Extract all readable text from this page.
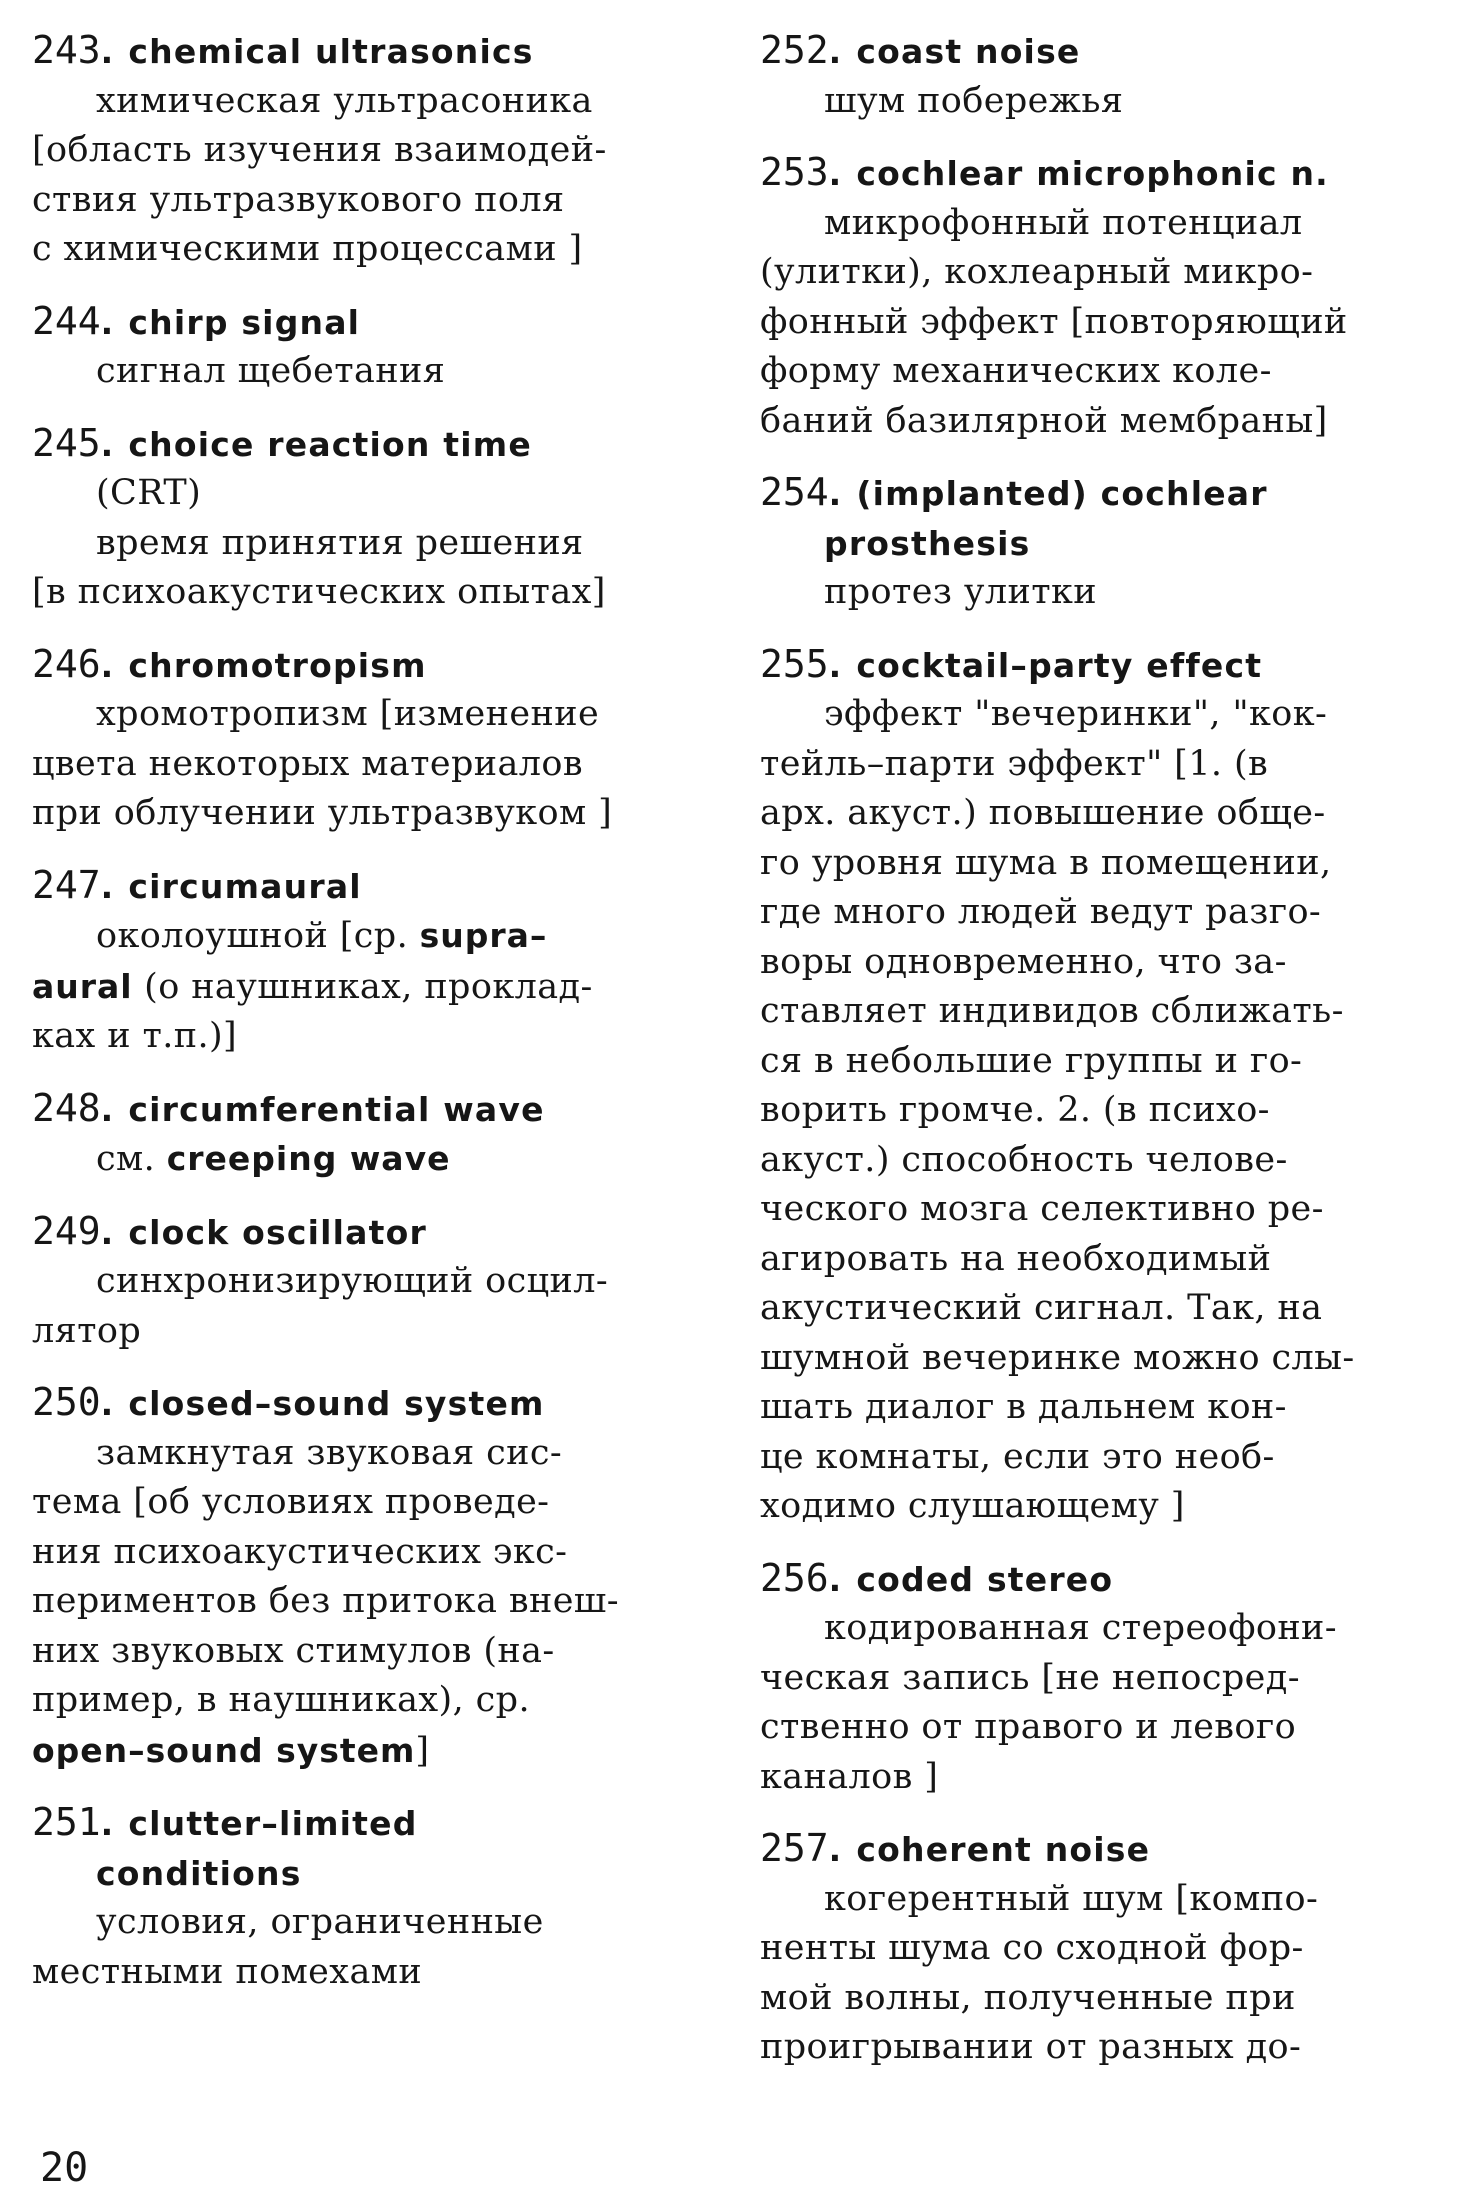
243. chemical ultrasonics
химическая ультрасоника
[область изучения взаимодей-
ствия ультразвукового поля
с химическими процессами ]
244. chirp signal
сигнал щебетания
245. choice reaction time
(CRT)
время принятия решения
[в психоакустических опытах]
246. chromotropism
хромотропизм [изменение
цвета некоторых материалов
при облучении ультразвуком ]
247. circumaural
околоушной [ср. supra–
aural (о наушниках, проклад-
ках и т.п.)]
248. circumferential wave
см. creeping wave
249. clock oscillator
синхронизирующий осцил-
лятор
250. closed–sound system
замкнутая звуковая сис-
тема [об условиях проведе-
ния психоакустических экс-
периментов без притока внеш-
них звуковых стимулов (на-
пример, в наушниках), ср.
open–sound system]
251. clutter–limited
conditions
условия, ограниченные
местными помехами
252. coast noise
шум побережья
253. cochlear microphonic n.
микрофонный потенциал
(улитки), кохлеарный микро-
фонный эффект [повторяющий
форму механических коле-
баний базилярной мембраны]
254. (implanted) cochlear
prosthesis
протез улитки
255. cocktail–party effect
эффект "вечеринки", "кок-
тейль–парти эффект" [1. (в
арх. акуст.) повышение обще-
го уровня шума в помещении,
где много людей ведут разго-
воры одновременно, что за-
ставляет индивидов сближать-
ся в небольшие группы и го-
ворить громче. 2. (в психо-
акуст.) способность челове-
ческого мозга селективно ре-
агировать на необходимый
акустический сигнал. Так, на
шумной вечеринке можно слы-
шать диалог в дальнем кон-
це комнаты, если это необ-
ходимо слушающему ]
256. coded stereo
кодированная стереофони-
ческая запись [не непосред-
ственно от правого и левого
каналов ]
257. coherent noise
когерентный шум [компо-
ненты шума со сходной фор-
мой волны, полученные при
проигрывании от разных до-
20
